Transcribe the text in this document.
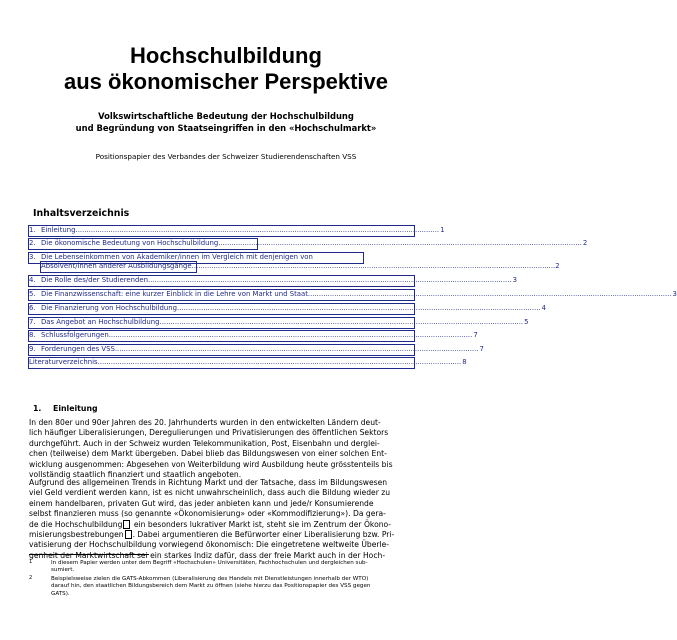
Hochschulbildung
aus ökonomischer Perspektive
Volkswirtschaftliche Bedeutung der Hochschulbildung
und Begründung von Staatseingriffen in den «Hochschulmarkt»
Positionspapier des Verbandes der Schweizer Studierendenschaften VSS
Inhaltsverzeichnis
1. Einleitung ...................................................................................................................................................................... 1
2. Die ökonomische Bedeutung von Hochschulbildung ...................................................................................................................................................................... 2
3. Die Lebenseinkommen von Akademiker/innen im Vergleich mit denjenigen von
Absolvent/innen anderer Ausbildungsgänge ...................................................................................................................................................................... 2
4. Die Rolle des/der Studierenden ...................................................................................................................................................................... 3
5. Die Finanzwissenschaft: eine kurzer Einblick in die Lehre von Markt und Staat ...................................................................................................................................................................... 3
6. Die Finanzierung von Hochschulbildung ...................................................................................................................................................................... 4
7. Das Angebot an Hochschulbildung ...................................................................................................................................................................... 5
8. Schlussfolgerungen ...................................................................................................................................................................... 7
9. Forderungen des VSS ...................................................................................................................................................................... 7
Literaturverzeichnis ...................................................................................................................................................................... 8
1. Einleitung
In den 80er und 90er Jahren des 20. Jahrhunderts wurden in den entwickelten Ländern deut-
lich häufiger Liberalisierungen, Deregulierungen und Privatisierungen des öffentlichen Sektors
durchgeführt. Auch in der Schweiz wurden Telekommunikation, Post, Eisenbahn und derglei-
chen (teilweise) dem Markt übergeben. Dabei blieb das Bildungswesen von einer solchen Ent-
wicklung ausgenommen: Abgesehen von Weiterbildung wird Ausbildung heute grösstenteils bis
vollständig staatlich finanziert und staatlich angeboten.
Aufgrund des allgemeinen Trends in Richtung Markt und der Tatsache, dass im Bildungswesen
viel Geld verdient werden kann, ist es nicht unwahrscheinlich, dass auch die Bildung wieder zu
einem handelbaren, privaten Gut wird, das jeder anbieten kann und jede/r Konsumierende
selbst finanzieren muss (so genannte «Ökonomisierung» oder «Kommodifizierung»). Da gera-
de die Hochschulbildung ein besonders lukrativer Markt ist, steht sie im Zentrum der Ökono-
misierungsbestrebungen . Dabei argumentieren die Befürworter einer Liberalisierung bzw. Pri-
vatisierung der Hochschulbildung vorwiegend ökonomisch: Die eingetretene weltweite Überle-
genheit der Marktwirtschaft sei ein starkes Indiz dafür, dass der freie Markt auch in der Hoch-
1	In diesem Papier werden unter dem Begriff «Hochschulen» Universitäten, Fachhochschulen und dergleichen sub-
sumiert.
2	Beispielsweise zielen die GATS-Abkommen (Liberalisierung des Handels mit Dienstleistungen innerhalb der WTO)
darauf hin, den staatlichen Bildungsbereich dem Markt zu öffnen (siehe hierzu das Positionspapier des VSS gegen
GATS).
